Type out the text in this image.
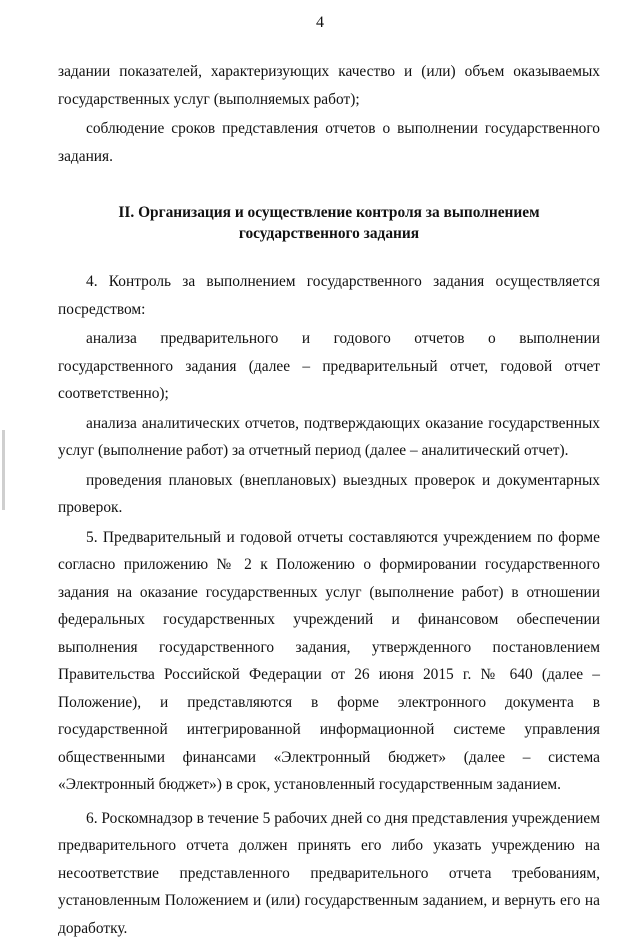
4

задании показателей, характеризующих качество и (или) объем оказываемых государственных услуг (выполняемых работ);

соблюдение сроков представления отчетов о выполнении государственного задания.

II. Организация и осуществление контроля за выполнением
государственного задания

4. Контроль за выполнением государственного задания осуществляется посредством:

анализа предварительного и годового отчетов о выполнении государственного задания (далее – предварительный отчет, годовой отчет соответственно);

анализа аналитических отчетов, подтверждающих оказание государственных услуг (выполнение работ) за отчетный период (далее – аналитический отчет).

проведения плановых (внеплановых) выездных проверок и документарных проверок.

5. Предварительный и годовой отчеты составляются учреждением по форме согласно приложению № 2 к Положению о формировании государственного задания на оказание государственных услуг (выполнение работ) в отношении федеральных государственных учреждений и финансовом обеспечении выполнения государственного задания, утвержденного постановлением Правительства Российской Федерации от 26 июня 2015 г. № 640 (далее – Положение), и представляются в форме электронного документа в государственной интегрированной информационной системе управления общественными финансами «Электронный бюджет» (далее – система «Электронный бюджет») в срок, установленный государственным заданием.

6. Роскомнадзор в течение 5 рабочих дней со дня представления учреждением предварительного отчета должен принять его либо указать учреждению на несоответствие представленного предварительного отчета требованиям, установленным Положением и (или) государственным заданием, и вернуть его на доработку.
